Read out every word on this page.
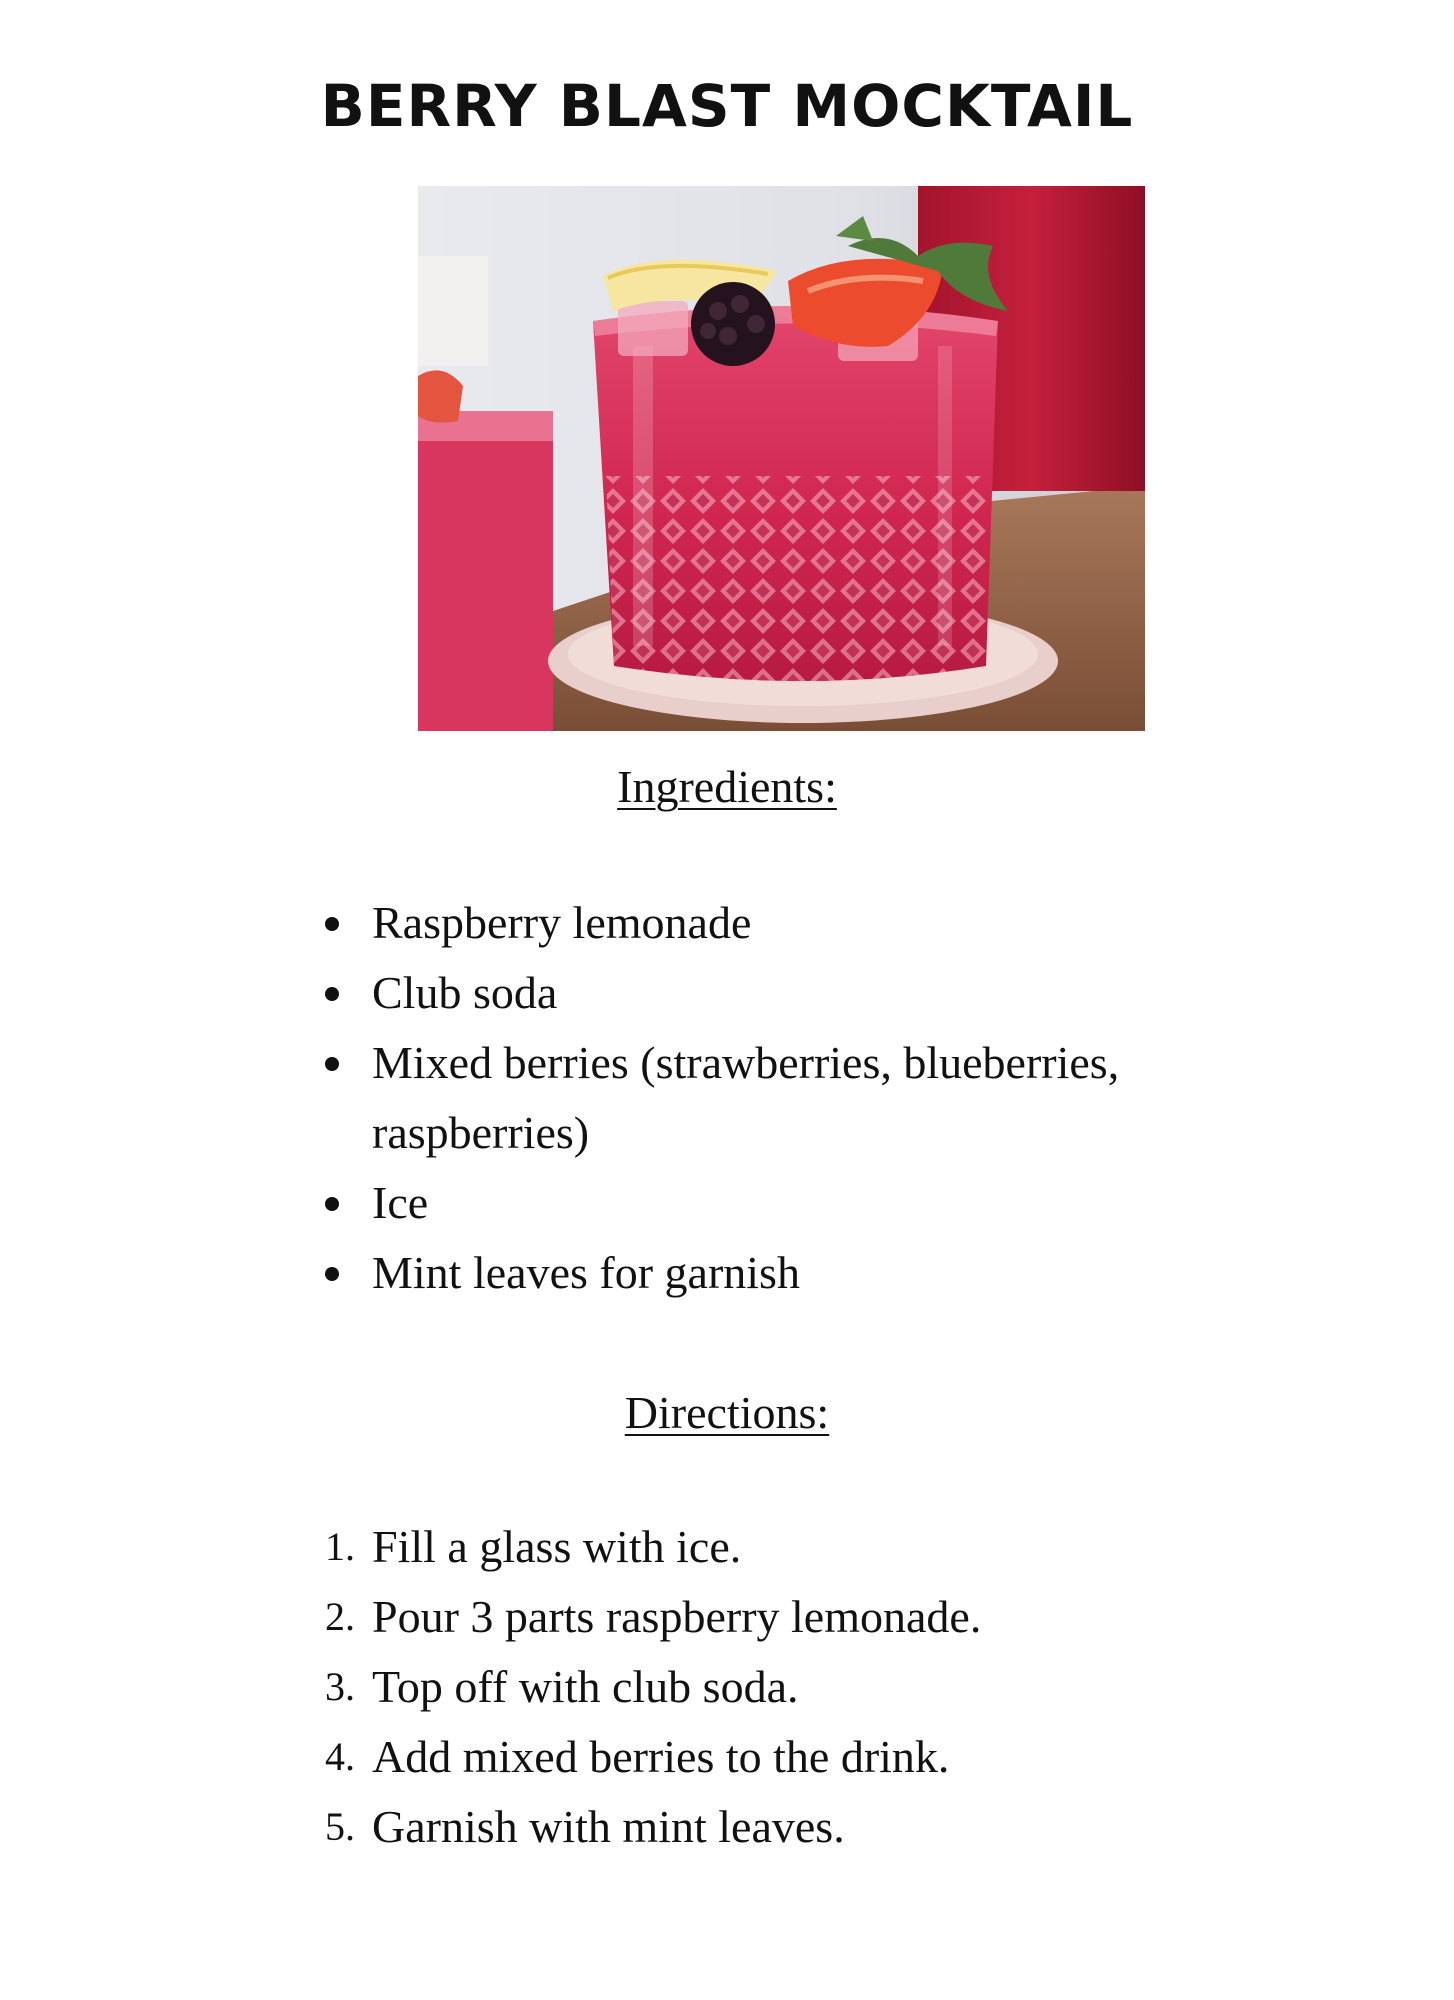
BERRY BLAST MOCKTAIL
Ingredients:
Raspberry lemonade
Club soda
Mixed berries (strawberries, blueberries, raspberries)
Ice
Mint leaves for garnish
Directions:
1. Fill a glass with ice.
2. Pour 3 parts raspberry lemonade.
3. Top off with club soda.
4. Add mixed berries to the drink.
5. Garnish with mint leaves.
